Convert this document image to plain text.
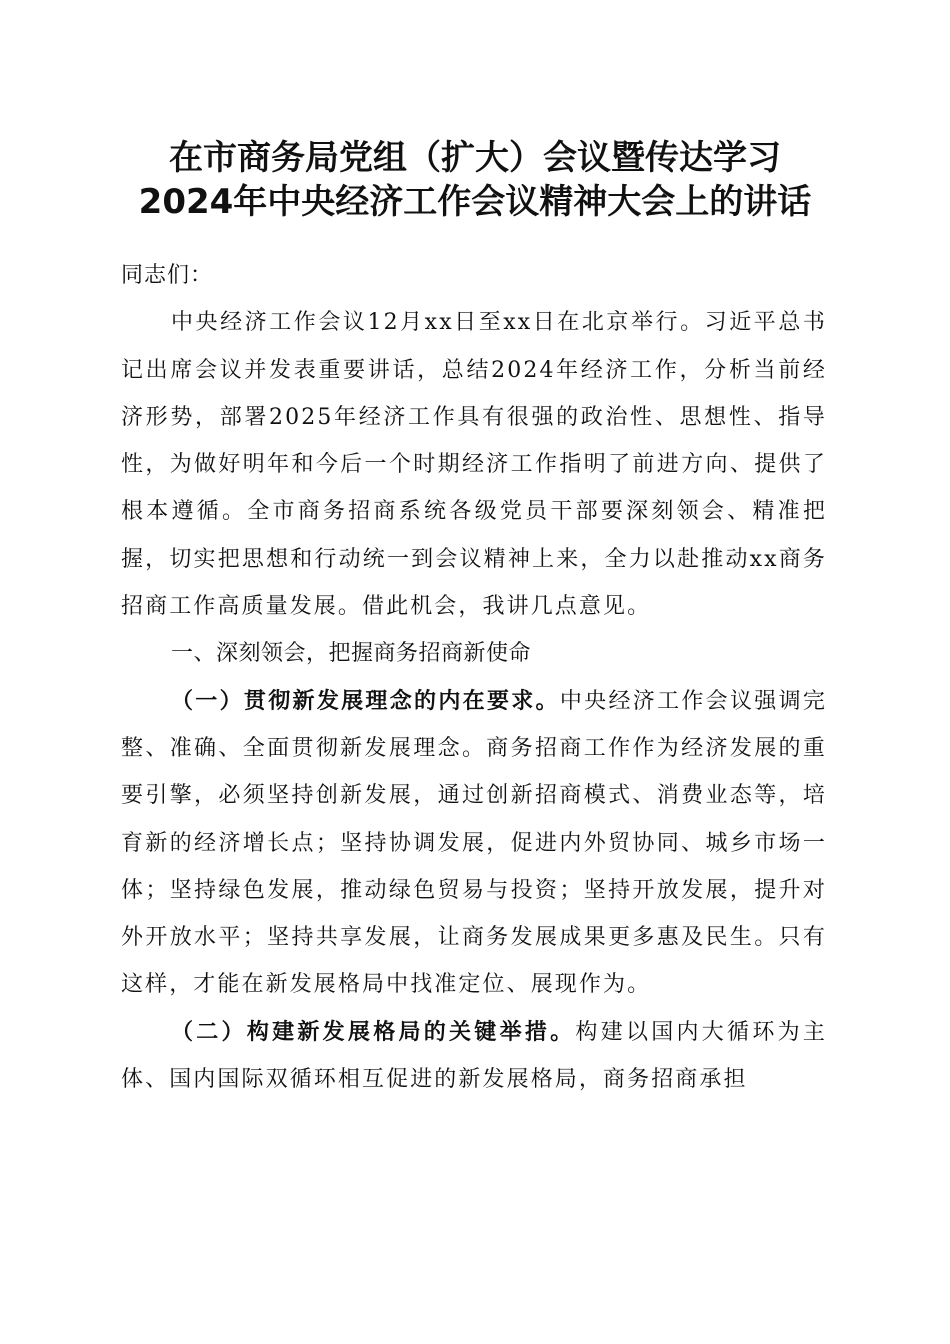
在市商务局党组（扩大）会议暨传达学习
2024年中央经济工作会议精神大会上的讲话

同志们：

中央经济工作会议12月xx日至xx日在北京举行。习近平总书记出席会议并发表重要讲话，总结2024年经济工作，分析当前经济形势，部署2025年经济工作具有很强的政治性、思想性、指导性，为做好明年和今后一个时期经济工作指明了前进方向、提供了根本遵循。全市商务招商系统各级党员干部要深刻领会、精准把握，切实把思想和行动统一到会议精神上来，全力以赴推动xx商务招商工作高质量发展。借此机会，我讲几点意见。

一、深刻领会，把握商务招商新使命

（一）贯彻新发展理念的内在要求。中央经济工作会议强调完整、准确、全面贯彻新发展理念。商务招商工作作为经济发展的重要引擎，必须坚持创新发展，通过创新招商模式、消费业态等，培育新的经济增长点；坚持协调发展，促进内外贸协同、城乡市场一体；坚持绿色发展，推动绿色贸易与投资；坚持开放发展，提升对外开放水平；坚持共享发展，让商务发展成果更多惠及民生。只有这样，才能在新发展格局中找准定位、展现作为。

（二）构建新发展格局的关键举措。构建以国内大循环为主体、国内国际双循环相互促进的新发展格局，商务招商承担
